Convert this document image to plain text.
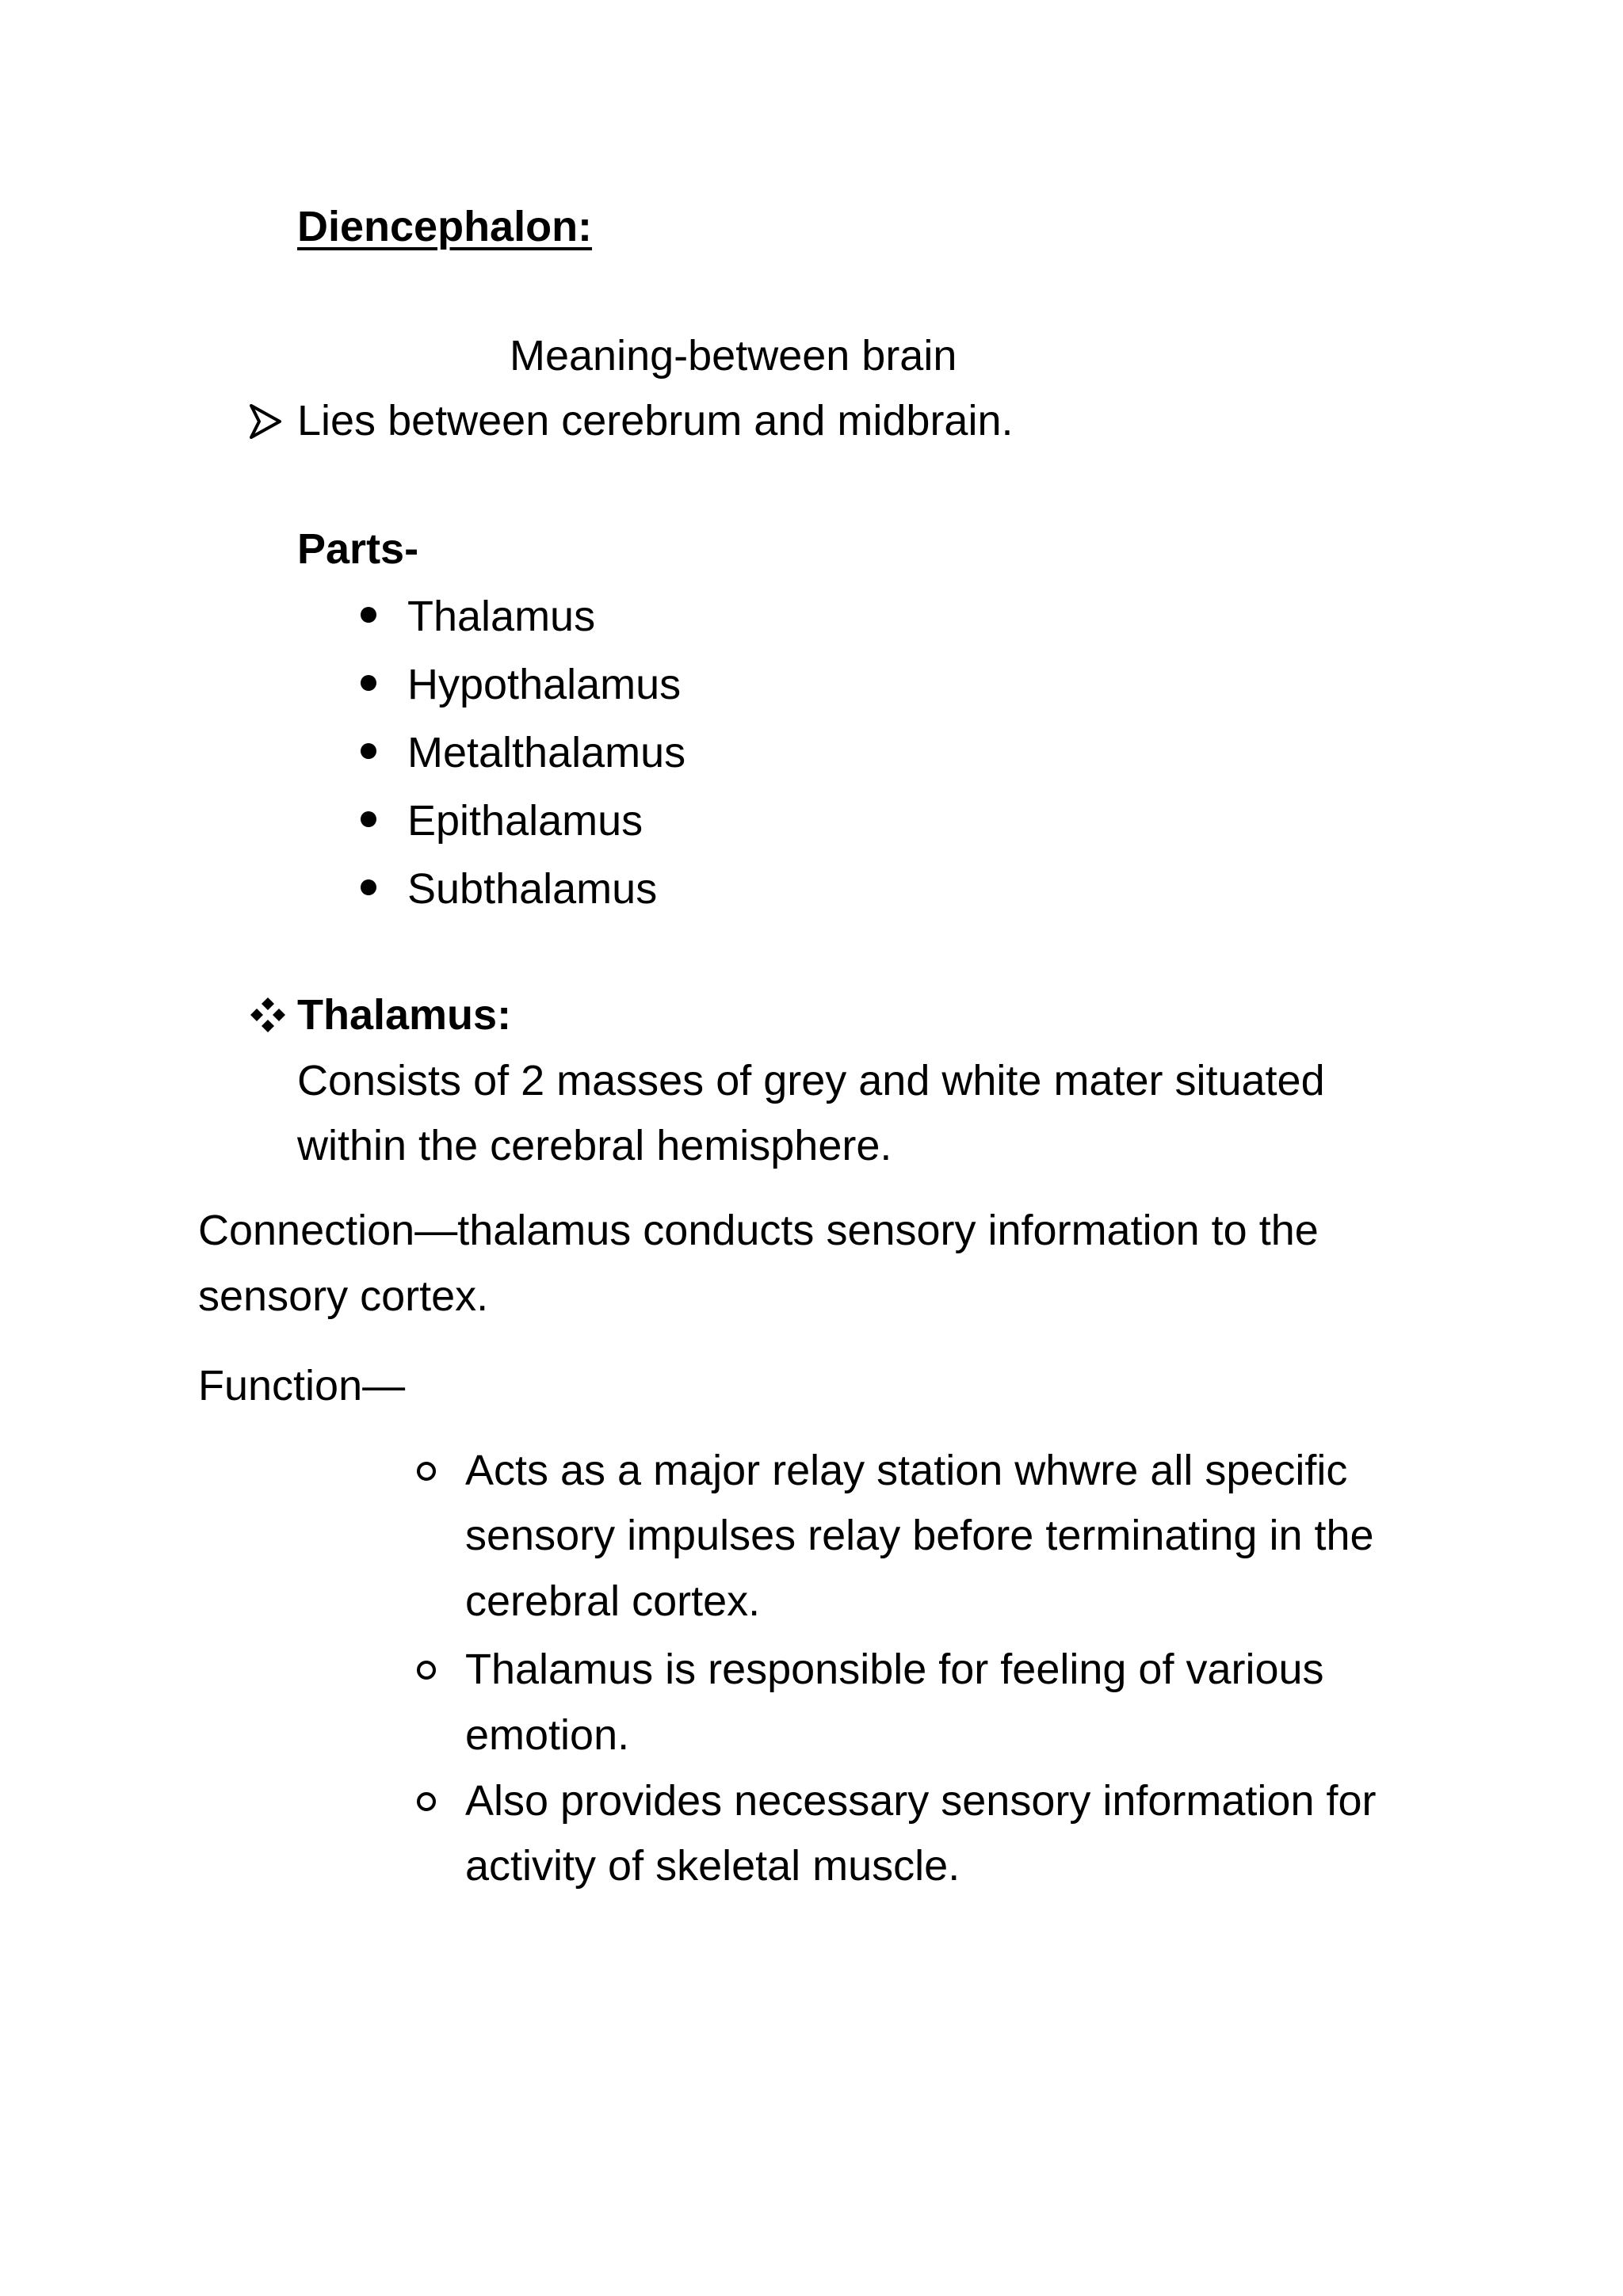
Diencephalon:
Meaning-between brain
Lies between cerebrum and midbrain.
Parts-
Thalamus
Hypothalamus
Metalthalamus
Epithalamus
Subthalamus
Thalamus:
Consists of 2 masses of grey and white mater situated
within the cerebral hemisphere.
Connection—thalamus conducts sensory information to the
sensory cortex.
Function—
Acts as a major relay station whwre all specific
sensory impulses relay before terminating in the
cerebral cortex.
Thalamus is responsible for feeling of various
emotion.
Also provides necessary sensory information for
activity of skeletal muscle.
